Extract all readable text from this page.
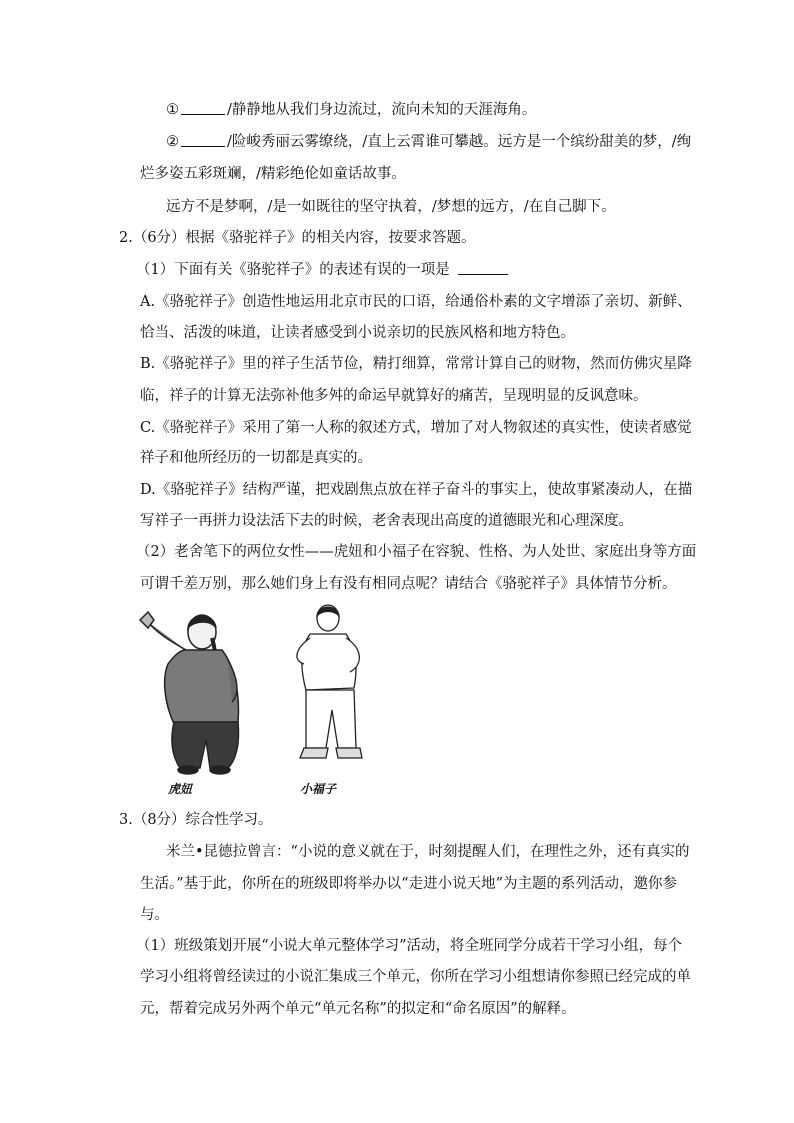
①	/静静地从我们身边流过，流向未知的天涯海角。
②	/险峻秀丽云雾缭绕，/直上云霄谁可攀越。远方是一个缤纷甜美的梦，/绚
烂多姿五彩斑斓，/精彩绝伦如童话故事。
远方不是梦啊，/是一如既往的坚守执着，/梦想的远方，/在自己脚下。
2.（6分）根据《骆驼祥子》的相关内容，按要求答题。
（1）下面有关《骆驼祥子》的表述有误的一项是
A.《骆驼祥子》创造性地运用北京市民的口语，给通俗朴素的文字增添了亲切、新鲜、
恰当、活泼的味道，让读者感受到小说亲切的民族风格和地方特色。
B.《骆驼祥子》里的祥子生活节俭，精打细算，常常计算自己的财物，然而仿佛灾星降
临，祥子的计算无法弥补他多舛的命运早就算好的痛苦，呈现明显的反讽意味。
C.《骆驼祥子》采用了第一人称的叙述方式，增加了对人物叙述的真实性，使读者感觉
祥子和他所经历的一切都是真实的。
D.《骆驼祥子》结构严谨，把戏剧焦点放在祥子奋斗的事实上，使故事紧凑动人，在描
写祥子一再拼力设法活下去的时候，老舍表现出高度的道德眼光和心理深度。
（2）老舍笔下的两位女性——虎妞和小福子在容貌、性格、为人处世、家庭出身等方面
可谓千差万别，那么她们身上有没有相同点呢？请结合《骆驼祥子》具体情节分析。
虎妞	小福子
3.（8分）综合性学习。
米兰•昆德拉曾言：“小说的意义就在于，时刻提醒人们，在理性之外，还有真实的
生活。”基于此，你所在的班级即将举办以“走进小说天地”为主题的系列活动，邀你参
与。
（1）班级策划开展“小说大单元整体学习”活动，将全班同学分成若干学习小组，每个
学习小组将曾经读过的小说汇集成三个单元，你所在学习小组想请你参照已经完成的单
元，帮着完成另外两个单元“单元名称”的拟定和“命名原因”的解释。
